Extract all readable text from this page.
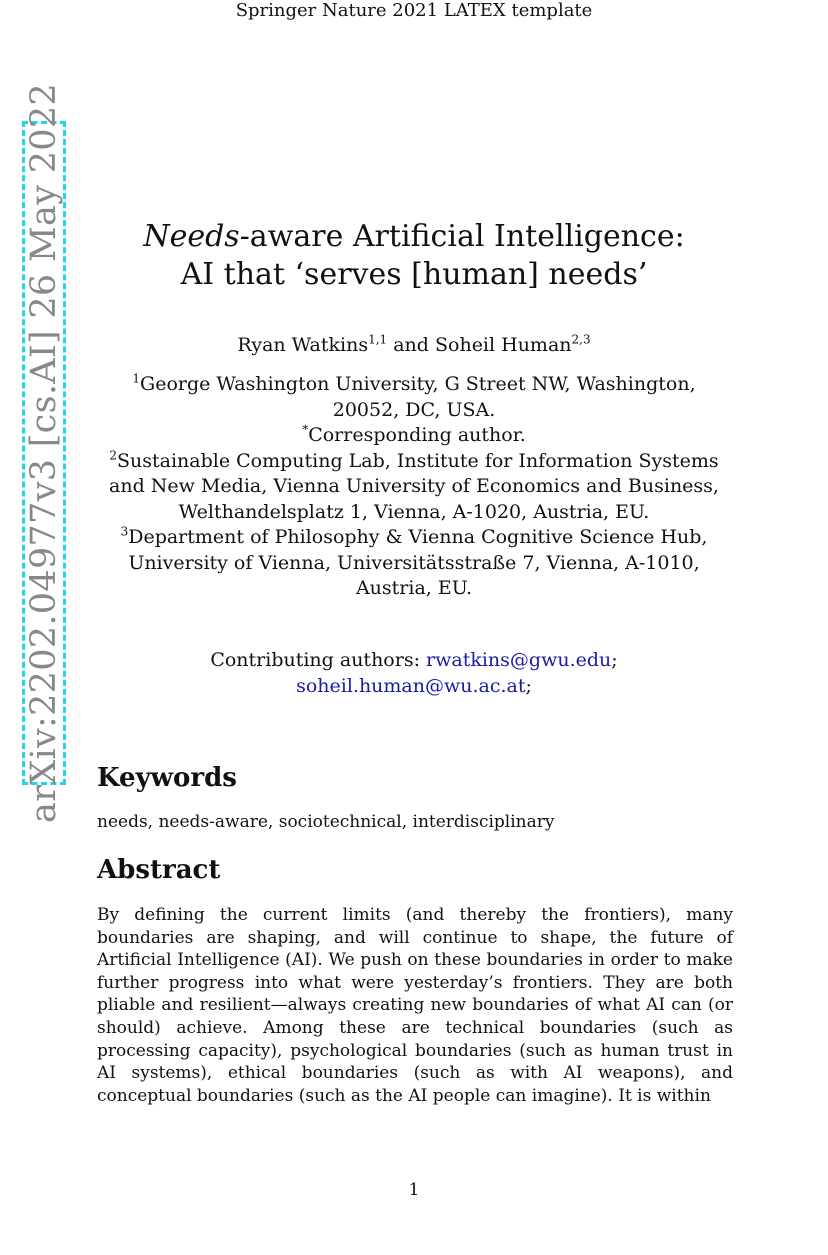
Springer Nature 2021 LATEX template
arXiv:2202.04977v3 [cs.AI] 26 May 2022	Needs-aware Artificial Intelligence:
AI that ‘serves [human] needs’
Ryan Watkins$^{1,1}$ and Soheil Human$^{2,3}$
$^1$George Washington University, G Street NW, Washington, 20052, DC, USA.
*Corresponding author.
$^2$Sustainable Computing Lab, Institute for Information Systems and New Media, Vienna University of Economics and Business, Welthandelsplatz 1, Vienna, A-1020, Austria, EU.
$^3$Department of Philosophy & Vienna Cognitive Science Hub, University of Vienna, Universitätsstraße 7, Vienna, A-1010, Austria, EU.
Contributing authors: rwatkins@gwu.edu;
soheil.human@wu.ac.at;
Keywords
needs, needs-aware, sociotechnical, interdisciplinary
Abstract
By defining the current limits (and thereby the frontiers), many boundaries are shaping, and will continue to shape, the future of Artificial Intelligence (AI). We push on these boundaries in order to make further progress into what were yesterday’s frontiers. They are both pliable and resilient—always creating new boundaries of what AI can (or should) achieve. Among these are technical boundaries (such as processing capacity), psychological boundaries (such as human trust in AI systems), ethical boundaries (such as with AI weapons), and conceptual boundaries (such as the AI people can imagine). It is within
1
